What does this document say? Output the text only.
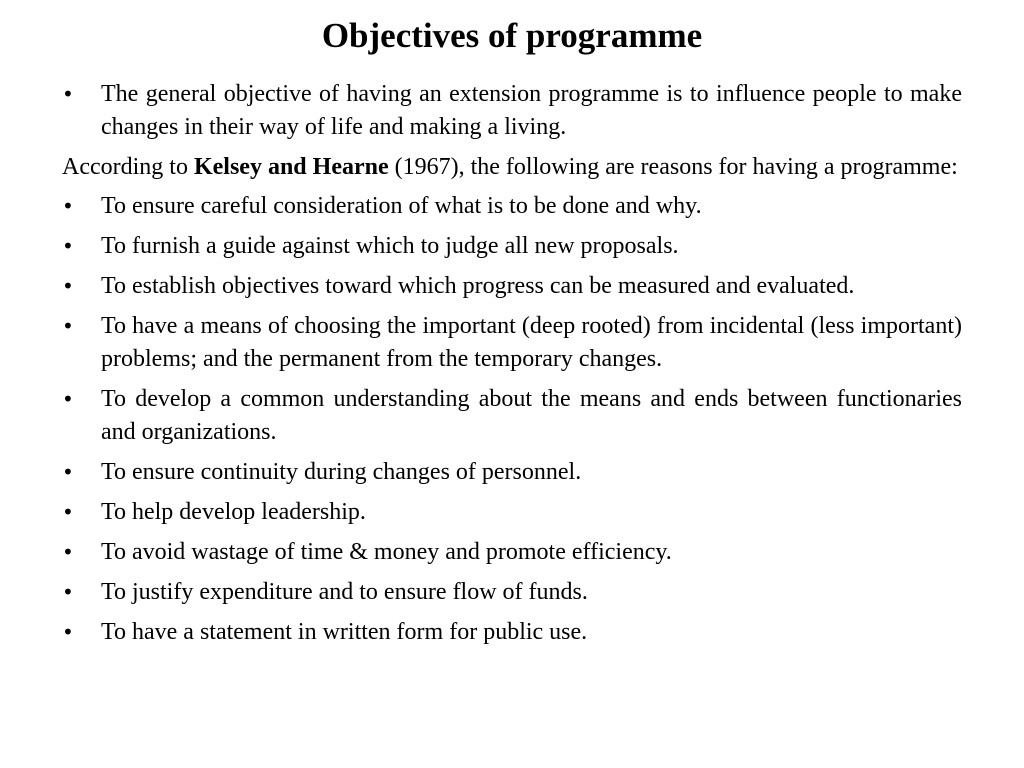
Objectives of programme
•	The general objective of having an extension programme is to influence people to make changes in their way of life and making a living.
According to Kelsey and Hearne (1967), the following are reasons for having a programme:
•	To ensure careful consideration of what is to be done and why.
•	To furnish a guide against which to judge all new proposals.
•	To establish objectives toward which progress can be measured and evaluated.
•	To have a means of choosing the important (deep rooted) from incidental (less important) problems; and the permanent from the temporary changes.
•	To develop a common understanding about the means and ends between functionaries and organizations.
•	To ensure continuity during changes of personnel.
•	To help develop leadership.
•	To avoid wastage of time & money and promote efficiency.
•	To justify expenditure and to ensure flow of funds.
•	To have a statement in written form for public use.
